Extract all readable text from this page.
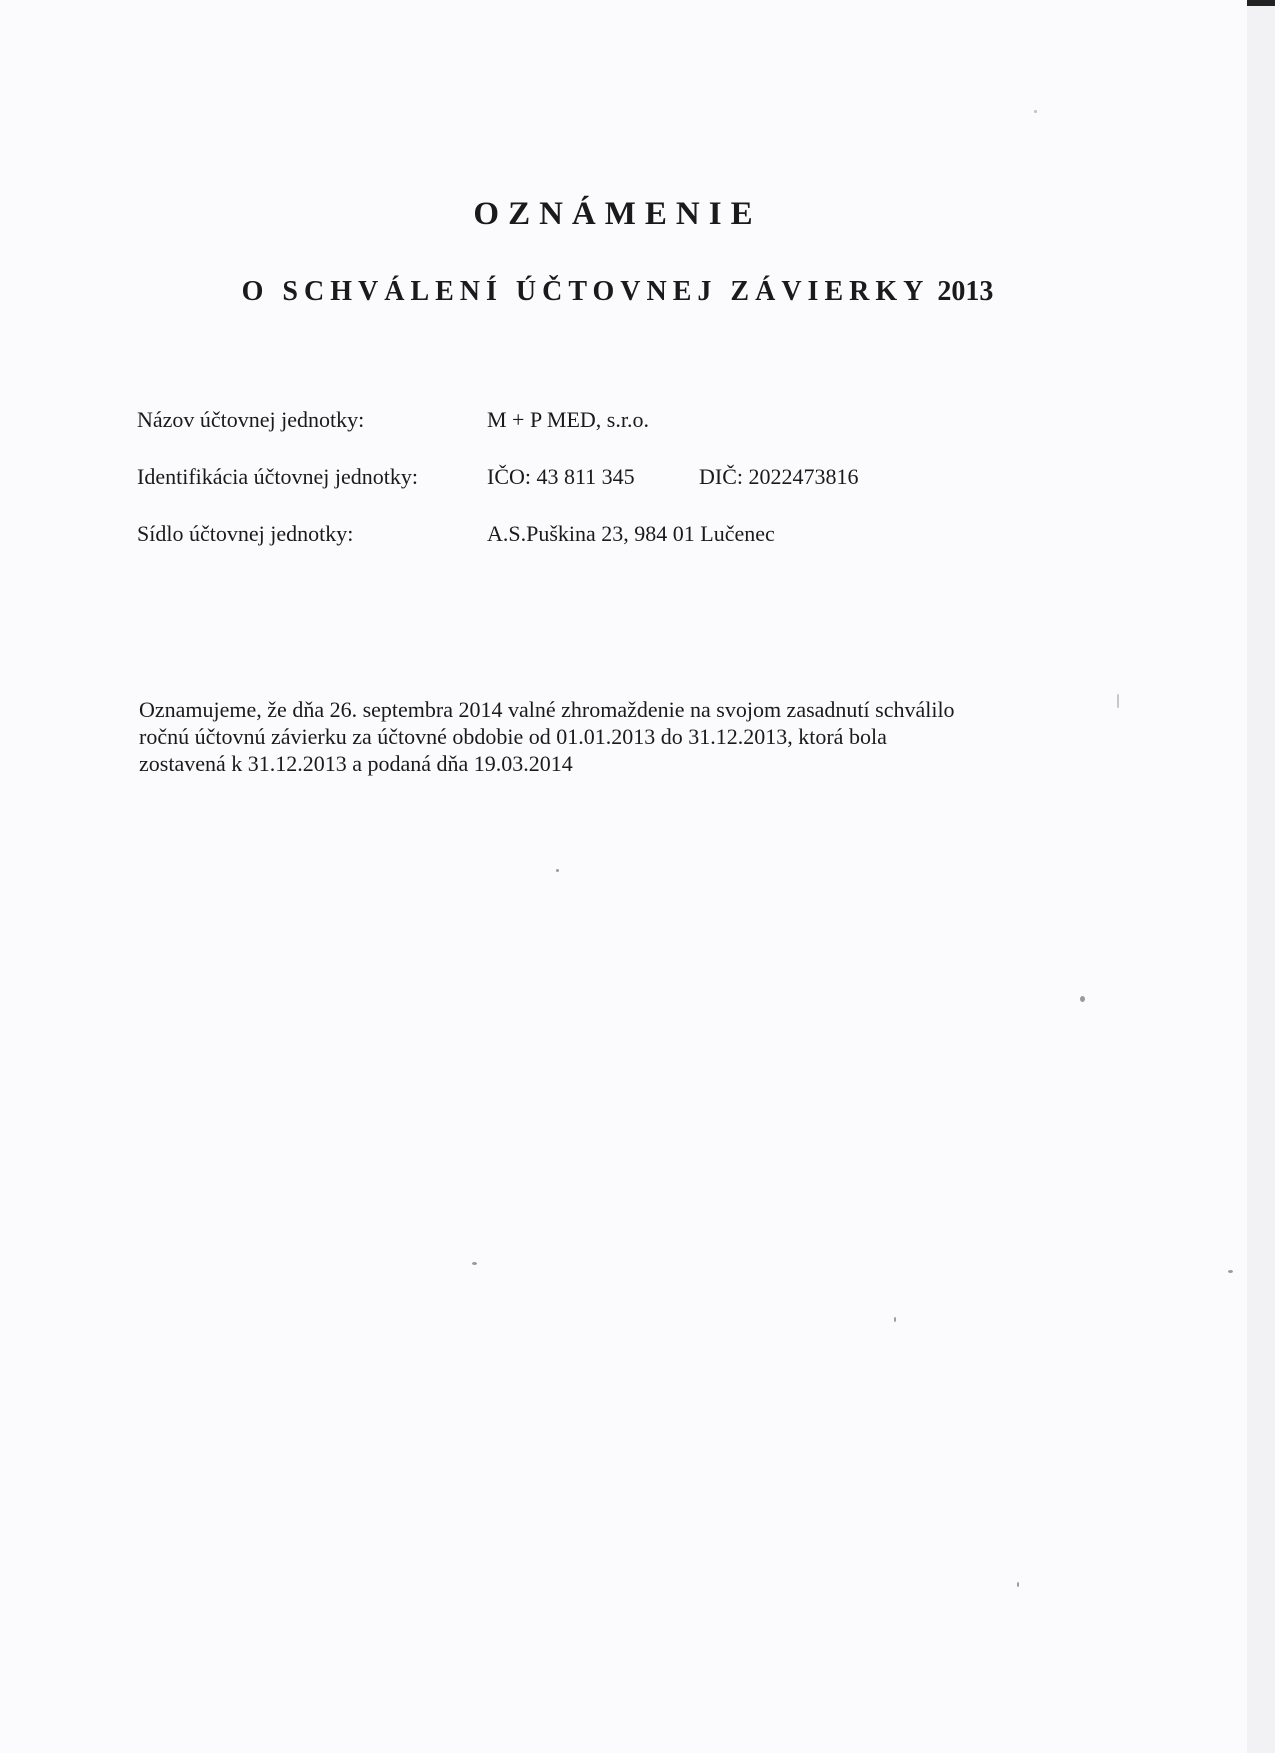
OZNÁMENIE
O SCHVÁLENÍ ÚČTOVNEJ ZÁVIERKY 2013
Názov účtovnej jednotky:	M + P MED, s.r.o.
Identifikácia účtovnej jednotky:	IČO: 43 811 345	DIČ: 2022473816
Sídlo účtovnej jednotky:	A.S.Puškina 23, 984 01 Lučenec

Oznamujeme, že dňa 26. septembra 2014 valné zhromaždenie na svojom zasadnutí schválilo
ročnú účtovnú závierku za účtovné obdobie od 01.01.2013 do 31.12.2013, ktorá bola
zostavená k 31.12.2013 a podaná dňa 19.03.2014
